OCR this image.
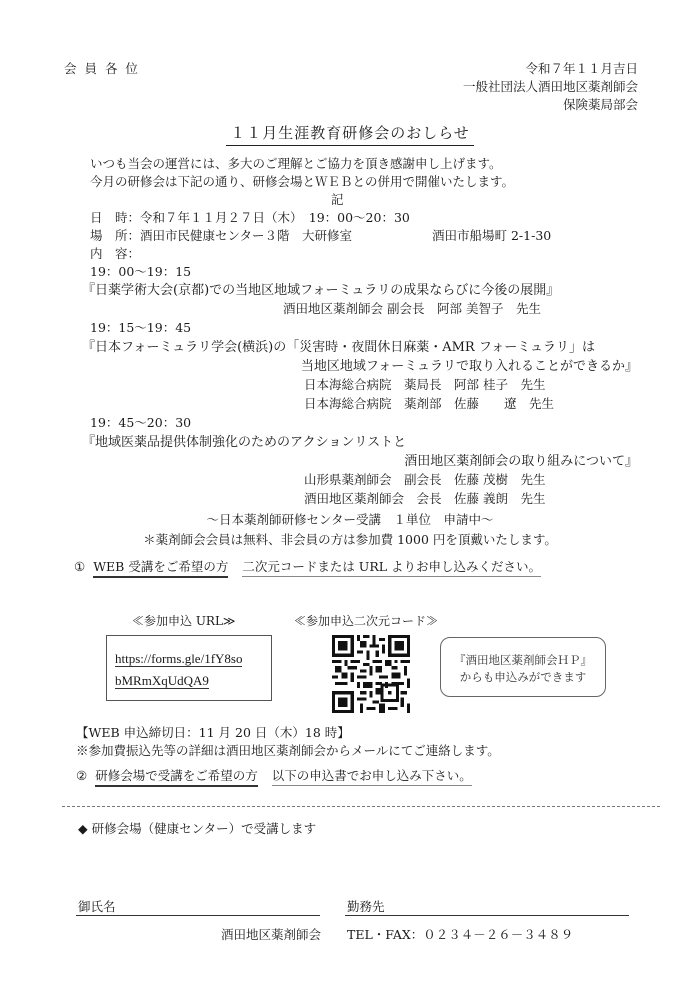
会 員 各 位	令和７年１１月吉日
一般社団法人酒田地区薬剤師会
保険薬局部会
１１月生涯教育研修会のおしらせ
いつも当会の運営には、多大のご理解とご協力を頂き感謝申し上げます。
今月の研修会は下記の通り、研修会場とＷＥＢとの併用で開催いたします。
記
日　時：令和７年１１月２７日（木）　19：00～20：30
場　所：酒田市民健康センター３階　大研修室	酒田市船場町 2-1-30
内　容：
19：00～19：15
『日薬学術大会(京都)での当地区地域フォーミュラリの成果ならびに今後の展開』
酒田地区薬剤師会 副会長　阿部 美智子　先生
19：15～19：45
『日本フォーミュラリ学会(横浜)の「災害時・夜間休日麻薬・AMR フォーミュラリ」は
当地区地域フォーミュラリで取り入れることができるか』
日本海総合病院　薬局長　阿部 桂子　先生
日本海総合病院　薬剤部　佐藤　　遼　先生
19：45～20：30
『地域医薬品提供体制強化のためのアクションリストと
酒田地区薬剤師会の取り組みについて』
山形県薬剤師会　副会長　佐藤 茂樹　先生
酒田地区薬剤師会　会長　佐藤 義朗　先生
～日本薬剤師研修センター受講　１単位　申請中～
＊薬剤師会会員は無料、非会員の方は参加費 1000 円を頂戴いたします。
① WEB 受講をご希望の方 二次元コードまたは URL よりお申し込みください。
≪参加申込 URL≫	≪参加申込二次元コード≫
https://forms.gle/1fY8so
bMRmXqUdQA9
『酒田地区薬剤師会ＨＰ』
からも申込みができます
【WEB 申込締切日：11 月 20 日（木）18 時】
※参加費振込先等の詳細は酒田地区薬剤師会からメールにてご連絡します。
② 研修会場で受講をご希望の方 以下の申込書でお申し込み下さい。
◆ 研修会場（健康センター）で受講します
御氏名	勤務先
酒田地区薬剤師会 TEL・FAX：０２３４－２６－３４８９
